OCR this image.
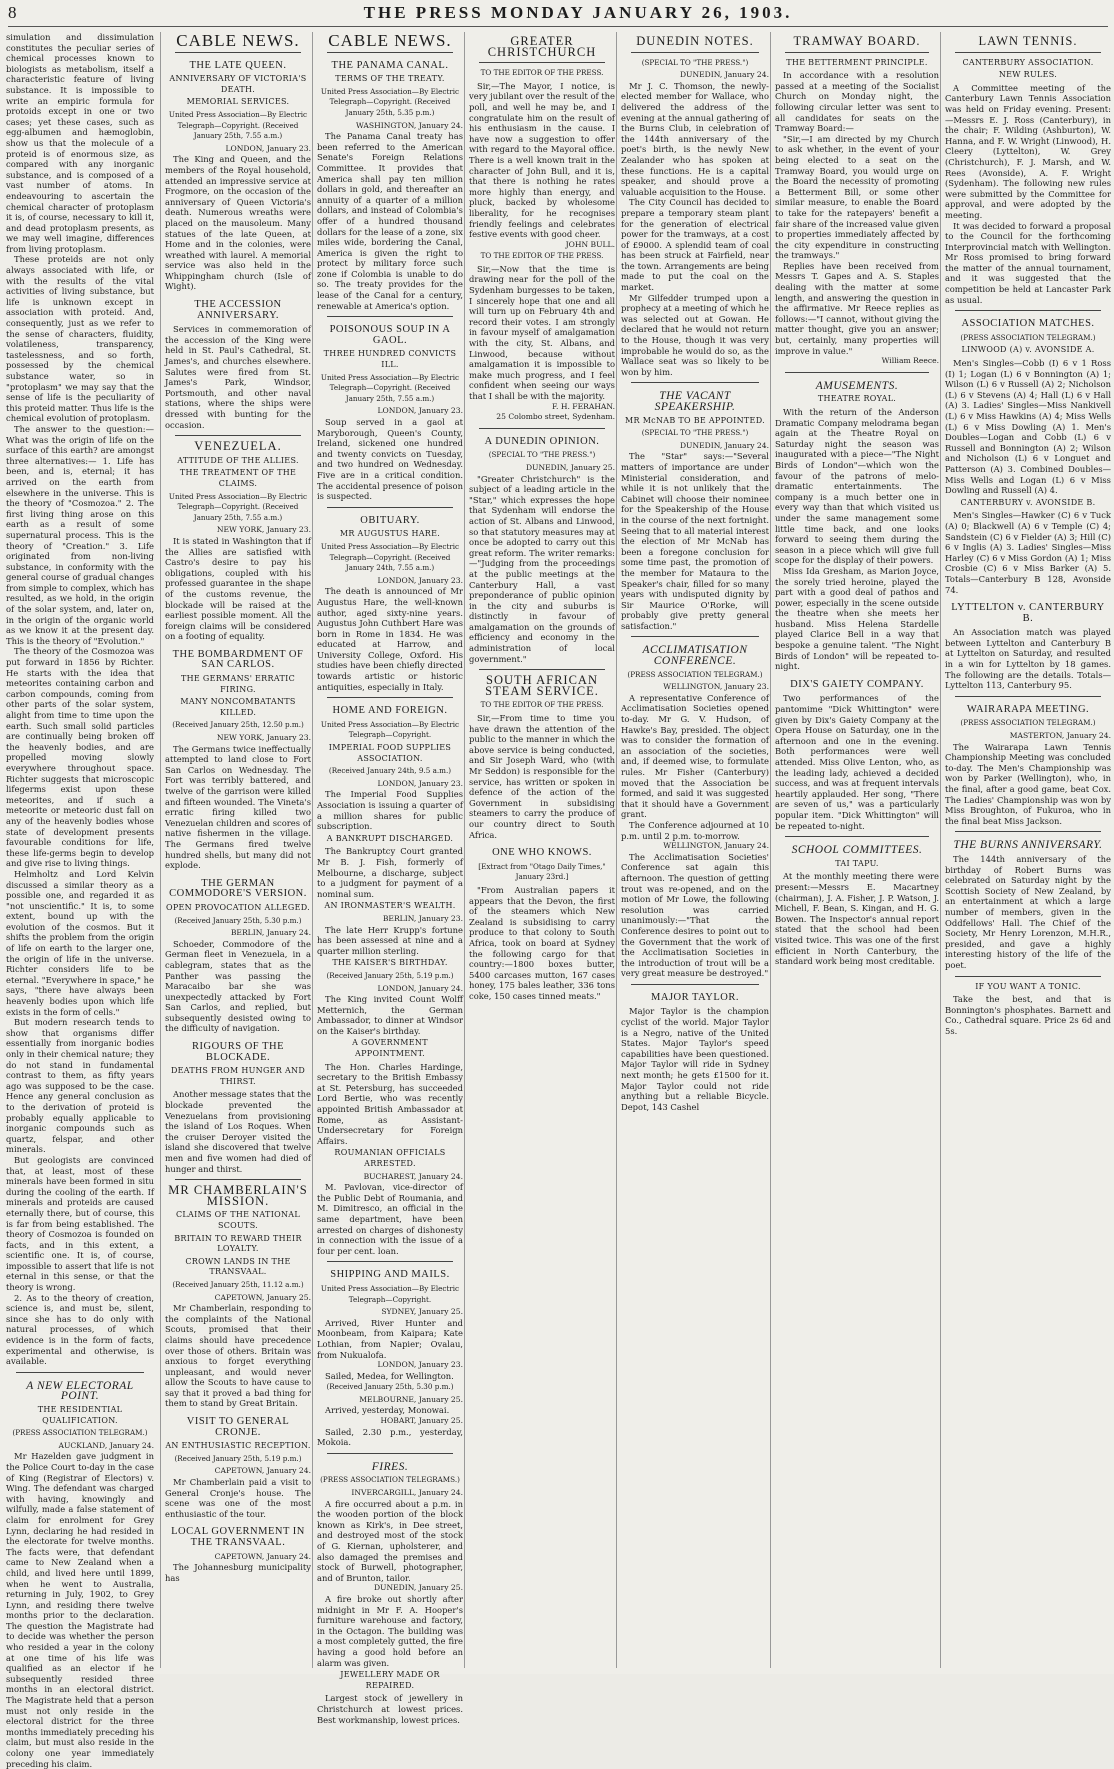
8	THE PRESS MONDAY JANUARY 26, 1903.

simulation and dissimulation constitutes the peculiar series of chemical processes known to biologists as metabolism, itself a characteristic feature of living substance. It is impossible to write an empiric formula for protoids except in one or two cases; yet these cases, such as egg-albumen and hæmoglobin, show us that the molecule of a proteid is of enormous size, as compared with any inorganic substance, and is composed of a vast number of atoms. In endeavouring to ascertain the chemical character of protoplasm it is, of course, necessary to kill it, and dead protoplasm presents, as we may well imagine, differences from living protoplasm.

These proteids are not only always associated with life, or with the results of the vital activities of living substance, but life is unknown except in association with proteid. And, consequently, just as we refer to the sense of characters, fluidity, volatileness, transparency, tastelessness, and so forth, possessed by the chemical substance water, so in "protoplasm" we may say that the sense of life is the peculiarity of this proteid matter. Thus life is the chemical evolution of protoplasm.

The answer to the question:—What was the origin of life on the surface of this earth? are amongst three alternatives:— 1. Life has been, and is, eternal; it has arrived on the earth from elsewhere in the universe. This is the theory of "Cosmozoa." 2. The first living thing arose on this earth as a result of some supernatural process. This is the theory of "Creation." 3. Life originated from non-living substance, in conformity with the general course of gradual changes from simple to complex, which has resulted, as we hold, in the origin of the solar system, and, later on, in the origin of the organic world as we know it at the present day. This is the theory of "Evolution."

The theory of the Cosmozoa was put forward in 1856 by Richter. He starts with the idea that meteorites containing carbon and carbon compounds, coming from other parts of the solar system, alight from time to time upon the earth. Such small solid particles are continually being broken off the heavenly bodies, and are propelled moving slowly everywhere throughout space. Richter suggests that microscopic lifegerms exist upon these meteorites, and if such a meteorite or meteoric dust fall on any of the heavenly bodies whose state of development presents favourable conditions for life, these life-germs begin to develop and give rise to living things.

Helmholtz and Lord Kelvin discussed a similar theory as a possible one, and regarded it as "not unscientific." It is, to some extent, bound up with the evolution of the cosmos. But it shifts the problem from the origin of life on earth to the larger one, the origin of life in the universe. Richter considers life to be eternal. "Everywhere in space," he says, "there have always been heavenly bodies upon which life exists in the form of cells."

But modern research tends to show that organisms differ essentially from inorganic bodies only in their chemical nature; they do not stand in fundamental contrast to them, as fifty years ago was supposed to be the case. Hence any general conclusion as to the derivation of proteid is probably equally applicable to inorganic compounds such as quartz, felspar, and other minerals.

But geologists are convinced that, at least, most of these minerals have been formed in situ during the cooling of the earth. If minerals and proteids are caused eternally there, but of course, this is far from being established. The theory of Cosmozoa is founded on facts, and in this extent, a scientific one. It is, of course, impossible to assert that life is not eternal in this sense, or that the theory is wrong.

2. As to the theory of creation, science is, and must be, silent, since she has to do only with natural processes, of which evidence is in the form of facts, experimental and otherwise, is available.

A NEW ELECTORAL POINT.
THE RESIDENTIAL QUALIFICATION.
(PRESS ASSOCIATION TELEGRAM.)
AUCKLAND, January 24.

Mr Hazelden gave judgment in the Police Court to-day in the case of King (Registrar of Electors) v. Wing. The defendant was charged with having, knowingly and wilfully, made a false statement of claim for enrolment for Grey Lynn, declaring he had resided in the electorate for twelve months. The facts were, that defendant came to New Zealand when a child, and lived here until 1899, when he went to Australia, returning in July, 1902, to Grey Lynn, and residing there twelve months prior to the declaration. The question the Magistrate had to decide was whether the person who resided a year in the colony at one time of his life was qualified as an elector if he subsequently resided three months in an electoral district. The Magistrate held that a person must not only reside in the electoral district for the three months immediately preceding his claim, but must also reside in the colony one year immediately preceding his claim.

CABLE NEWS.
THE LATE QUEEN.
ANNIVERSARY OF VICTORIA'S DEATH.
MEMORIAL SERVICES.
United Press Association—By Electric Telegraph—Copyright. (Received January 25th, 7.55 a.m.)
LONDON, January 23.

The King and Queen, and the members of the Royal household, attended an impressive service at Frogmore, on the occasion of the anniversary of Queen Victoria's death. Numerous wreaths were placed on the mausoleum. Many statues of the late Queen, at Home and in the colonies, were wreathed with laurel. A memorial service was also held in the Whippingham church (Isle of Wight).

THE ACCESSION ANNIVERSARY.

Services in commemoration of the accession of the King were held in St. Paul's Cathedral, St. James's, and churches elsewhere. Salutes were fired from St. James's Park, Windsor, Portsmouth, and other naval stations, where the ships were dressed with bunting for the occasion.

VENEZUELA.
ATTITUDE OF THE ALLIES.
THE TREATMENT OF THE CLAIMS.
United Press Association—By Electric Telegraph—Copyright. (Received January 25th, 7.55 a.m.)
NEW YORK, January 23.

It is stated in Washington that if the Allies are satisfied with Castro's desire to pay his obligations, coupled with his professed guarantee in the shape of the customs revenue, the blockade will be raised at the earliest possible moment. All the foreign claims will be considered on a footing of equality.

THE BOMBARDMENT OF SAN CARLOS.
THE GERMANS' ERRATIC FIRING.
MANY NONCOMBATANTS KILLED.
(Received January 25th, 12.50 p.m.)
NEW YORK, January 23.

The Germans twice ineffectually attempted to land close to Fort San Carlos on Wednesday. The Fort was terribly battered, and twelve of the garrison were killed and fifteen wounded. The Vineta's erratic firing killed two Venezuelan children and scores of native fishermen in the village. The Germans fired twelve hundred shells, but many did not explode.

THE GERMAN COMMODORE'S VERSION.
OPEN PROVOCATION ALLEGED.
(Received January 25th, 5.30 p.m.)
BERLIN, January 24.

Schoeder, Commodore of the German fleet in Venezuela, in a cablegram, states that as the Panther was passing the Maracaibo bar she was unexpectedly attacked by Fort San Carlos, and replied, but subsequently desisted owing to the difficulty of navigation.

RIGOURS OF THE BLOCKADE.
DEATHS FROM HUNGER AND THIRST.

Another message states that the blockade prevented the Venezuelans from provisioning the island of Los Roques. When the cruiser Deroyer visited the island she discovered that twelve men and five women had died of hunger and thirst.

MR CHAMBERLAIN'S MISSION.
CLAIMS OF THE NATIONAL SCOUTS.
BRITAIN TO REWARD THEIR LOYALTY.
CROWN LANDS IN THE TRANSVAAL.
(Received January 25th, 11.12 a.m.)
CAPETOWN, January 25.

Mr Chamberlain, responding to the complaints of the National Scouts, promised that their claims should have precedence over those of others. Britain was anxious to forget everything unpleasant, and would never allow the Scouts to have cause to say that it proved a bad thing for them to stand by Great Britain.

VISIT TO GENERAL CRONJE.
AN ENTHUSIASTIC RECEPTION.
(Received January 25th, 5.19 p.m.)
CAPETOWN, January 24.

Mr Chamberlain paid a visit to General Cronje's house. The scene was one of the most enthusiastic of the tour.

LOCAL GOVERNMENT IN THE TRANSVAAL.
CAPETOWN, January 24.

The Johannesburg municipality has

CABLE NEWS.
THE PANAMA CANAL.
TERMS OF THE TREATY.
United Press Association—By Electric Telegraph—Copyright. (Received January 25th, 5.35 p.m.)
WASHINGTON, January 24.

The Panama Canal treaty has been referred to the American Senate's Foreign Relations Committee. It provides that America shall pay ten million dollars in gold, and thereafter an annuity of a quarter of a million dollars, and instead of Colombia's offer of a hundred thousand dollars for the lease of a zone, six miles wide, bordering the Canal, America is given the right to protect by military force such zone if Colombia is unable to do so. The treaty provides for the lease of the Canal for a century, renewable at America's option.

POISONOUS SOUP IN A GAOL.
THREE HUNDRED CONVICTS ILL.
United Press Association—By Electric Telegraph—Copyright. (Received January 25th, 7.55 a.m.)
LONDON, January 23.

Soup served in a gaol at Maryborough, Queen's County, Ireland, sickened one hundred and twenty convicts on Tuesday, and two hundred on Wednesday. Five are in a critical condition. The accidental presence of poison is suspected.

OBITUARY.
MR AUGUSTUS HARE.
United Press Association—By Electric Telegraph—Copyright. (Received January 24th, 7.55 a.m.)
LONDON, January 23.

The death is announced of Mr Augustus Hare, the well-known author, aged sixty-nine years. Augustus John Cuthbert Hare was born in Rome in 1834. He was educated at Harrow, and University College, Oxford. His studies have been chiefly directed towards artistic or historic antiquities, especially in Italy.

HOME AND FOREIGN.
United Press Association—By Electric Telegraph—Copyright.
IMPERIAL FOOD SUPPLIES ASSOCIATION.
(Received January 24th, 9.5 a.m.)
LONDON, January 23.

The Imperial Food Supplies Association is issuing a quarter of a million shares for public subscription.

A BANKRUPT DISCHARGED.

The Bankruptcy Court granted Mr B. J. Fish, formerly of Melbourne, a discharge, subject to a judgment for payment of a nominal sum.

AN IRONMASTER'S WEALTH.
BERLIN, January 23.

The late Herr Krupp's fortune has been assessed at nine and a quarter million sterling.

THE KAISER'S BIRTHDAY.
(Received January 25th, 5.19 p.m.)
LONDON, January 24.

The King invited Count Wolff Metternich, the German Ambassador, to dinner at Windsor on the Kaiser's birthday.

A GOVERNMENT APPOINTMENT.

The Hon. Charles Hardinge, secretary to the British Embassy at St. Petersburg, has succeeded Lord Bertie, who was recently appointed British Ambassador at Rome, as Assistant-Undersecretary for Foreign Affairs.

ROUMANIAN OFFICIALS ARRESTED.
BUCHAREST, January 24.

M. Pavlovan, vice-director of the Public Debt of Roumania, and M. Dimitresco, an official in the same department, have been arrested on charges of dishonesty in connection with the issue of a four per cent. loan.

SHIPPING AND MAILS.
United Press Association—By Electric Telegraph—Copyright.
SYDNEY, January 25.

Arrived, River Hunter and Moonbeam, from Kaipara; Kate Lothian, from Napier; Ovalau, from Nukualofa.

LONDON, January 23.

Sailed, Medea, for Wellington.

(Received January 25th, 5.30 p.m.)
MELBOURNE, January 25.

Arrived, yesterday, Monowai.

HOBART, January 25.

Sailed, 2.30 p.m., yesterday, Mokoia.

FIRES.
(PRESS ASSOCIATION TELEGRAMS.)
INVERCARGILL, January 24.

A fire occurred about a p.m. in the wooden portion of the block known as Kirk's, in Dee street, and destroyed most of the stock of G. Kiernan, upholsterer, and also damaged the premises and stock of Burwell, photographer, and of Brunton, tailor.

DUNEDIN, January 25.

A fire broke out shortly after midnight in Mr F. A. Hooper's furniture warehouse and factory, in the Octagon. The building was a most completely gutted, the fire having a good hold before an alarm was given.

JEWELLERY MADE OR REPAIRED.

Largest stock of jewellery in Christchurch at lowest prices. Best workmanship, lowest prices.

GREATER CHRISTCHURCH
TO THE EDITOR OF THE PRESS.

Sir,—The Mayor, I notice, is very jubilant over the result of the poll, and well he may be, and I congratulate him on the result of his enthusiasm in the cause. I have now a suggestion to offer with regard to the Mayoral office. There is a well known trait in the character of John Bull, and it is, that there is nothing he rates more highly than energy, and pluck, backed by wholesome liberality, for he recognises friendly feelings and celebrates festive events with good cheer.

JOHN BULL.
TO THE EDITOR OF THE PRESS.

Sir,—Now that the time is drawing near for the poll of the Sydenham burgesses to be taken, I sincerely hope that one and all will turn up on February 4th and record their votes. I am strongly in favour myself of amalgamation with the city, St. Albans, and Linwood, because without amalgamation it is impossible to make much progress, and I feel confident when seeing our ways that I shall be with the majority.

F. H. FERAHAN.
25 Colombo street, Sydenham.
A DUNEDIN OPINION.
(SPECIAL TO "THE PRESS.")
DUNEDIN, January 25.

"Greater Christchurch" is the subject of a leading article in the "Star," which expresses the hope that Sydenham will endorse the action of St. Albans and Linwood, so that statutory measures may at once be adopted to carry out this great reform. The writer remarks:—"Judging from the proceedings at the public meetings at the Canterbury Hall, a vast preponderance of public opinion in the city and suburbs is distinctly in favour of amalgamation on the grounds of efficiency and economy in the administration of local government."

SOUTH AFRICAN STEAM SERVICE.
TO THE EDITOR OF THE PRESS.

Sir,—From time to time you have drawn the attention of the public to the manner in which the above service is being conducted, and Sir Joseph Ward, who (with Mr Seddon) is responsible for the service, has written or spoken in defence of the action of the Government in subsidising steamers to carry the produce of our country direct to South Africa.

ONE WHO KNOWS.
[Extract from "Otago Daily Times," January 23rd.]

"From Australian papers it appears that the Devon, the first of the steamers which New Zealand is subsidising to carry produce to that colony to South Africa, took on board at Sydney the following cargo for that country:—1800 boxes butter, 5400 carcases mutton, 167 cases honey, 175 bales leather, 336 tons coke, 150 cases tinned meats."

DUNEDIN NOTES.
(SPECIAL TO "THE PRESS.")
DUNEDIN, January 24.

Mr J. C. Thomson, the newly-elected member for Wallace, who delivered the address of the evening at the annual gathering of the Burns Club, in celebration of the 144th anniversary of the poet's birth, is the newly New Zealander who has spoken at these functions. He is a capital speaker, and should prove a valuable acquisition to the House.

The City Council has decided to prepare a temporary steam plant for the generation of electrical power for the tramways, at a cost of £9000. A splendid team of coal has been struck at Fairfield, near the town. Arrangements are being made to put the coal on the market.

Mr Gilfedder trumped upon a prophecy at a meeting of which he was selected out at Gowan. He declared that he would not return to the House, though it was very improbable he would do so, as the Wallace seat was so likely to be won by him.

THE VACANT SPEAKERSHIP.
MR McNAB TO BE APPOINTED.
(SPECIAL TO "THE PRESS.")
DUNEDIN, January 24.

The "Star" says:—"Several matters of importance are under Ministerial consideration, and while it is not unlikely that the Cabinet will choose their nominee for the Speakership of the House in the course of the next fortnight. Seeing that to all material interest the election of Mr McNab has been a foregone conclusion for some time past, the promotion of the member for Mataura to the Speaker's chair, filled for so many years with undisputed dignity by Sir Maurice O'Rorke, will probably give pretty general satisfaction."

ACCLIMATISATION CONFERENCE.
(PRESS ASSOCIATION TELEGRAM.)
WELLINGTON, January 23.

A representative Conference of Acclimatisation Societies opened to-day. Mr G. V. Hudson, of Hawke's Bay, presided. The object was to consider the formation of an association of the societies, and, if deemed wise, to formulate rules. Mr Fisher (Canterbury) moved that the Association be formed, and said it was suggested that it should have a Government grant.

The Conference adjourned at 10 p.m. until 2 p.m. to-morrow.

WELLINGTON, January 24.

The Acclimatisation Societies' Conference sat again this afternoon. The question of getting trout was re-opened, and on the motion of Mr Lowe, the following resolution was carried unanimously:—"That the Conference desires to point out to the Government that the work of the Acclimatisation Societies in the introduction of trout will be a very great measure be destroyed."

MAJOR TAYLOR.

Major Taylor is the champion cyclist of the world. Major Taylor is a Negro, native of the United States. Major Taylor's speed capabilities have been questioned. Major Taylor will ride in Sydney next month; he gets £1500 for it. Major Taylor could not ride anything but a reliable Bicycle. Depot, 143 Cashel

TRAMWAY BOARD.
THE BETTERMENT PRINCIPLE.

In accordance with a resolution passed at a meeting of the Socialist Church on Monday night, the following circular letter was sent to all candidates for seats on the Tramway Board:—

"Sir,—I am directed by my Church to ask whether, in the event of your being elected to a seat on the Tramway Board, you would urge on the Board the necessity of promoting a Betterment Bill, or some other similar measure, to enable the Board to take for the ratepayers' benefit a fair share of the increased value given to properties immediately affected by the city expenditure in constructing the tramways."

Replies have been received from Messrs T. Gapes and A. S. Staples dealing with the matter at some length, and answering the question in the affirmative. Mr Reece replies as follows:—"I cannot, without giving the matter thought, give you an answer; but, certainly, many properties will improve in value."

William Reece.
AMUSEMENTS.
THEATRE ROYAL.

With the return of the Anderson Dramatic Company melodrama began again at the Theatre Royal on Saturday night the season was inaugurated with a piece—"The Night Birds of London"—which won the favour of the patrons of melo-dramatic entertainments. The company is a much better one in every way than that which visited us under the same management some little time back, and one looks forward to seeing them during the season in a piece which will give full scope for the display of their powers.

Miss Ida Gresham, as Marion Joyce, the sorely tried heroine, played the part with a good deal of pathos and power, especially in the scene outside the theatre when she meets her husband. Miss Helena Stardelle played Clarice Bell in a way that bespoke a genuine talent. "The Night Birds of London" will be repeated to-night.

DIX'S GAIETY COMPANY.

Two performances of the pantomime "Dick Whittington" were given by Dix's Gaiety Company at the Opera House on Saturday, one in the afternoon and one in the evening. Both performances were well attended. Miss Olive Lenton, who, as the leading lady, achieved a decided success, and was at frequent intervals heartily applauded. Her song, "There are seven of us," was a particularly popular item. "Dick Whittington" will be repeated to-night.

SCHOOL COMMITTEES.
TAI TAPU.

At the monthly meeting there were present:—Messrs E. Macartney (chairman), J. A. Fisher, J. P. Watson, J. Michell, F. Bean, S. Kingan, and H. G. Bowen. The Inspector's annual report stated that the school had been visited twice. This was one of the first efficient in North Canterbury, the standard work being most creditable.

LAWN TENNIS.
CANTERBURY ASSOCIATION.
NEW RULES.

A Committee meeting of the Canterbury Lawn Tennis Association was held on Friday evening. Present:—Messrs E. J. Ross (Canterbury), in the chair; F. Wilding (Ashburton), W. Hanna, and F. W. Wright (Linwood), H. Cleery (Lyttelton), W. Grey (Christchurch), F. J. Marsh, and W. Rees (Avonside), A. F. Wright (Sydenham). The following new rules were submitted by the Committee for approval, and were adopted by the meeting.

It was decided to forward a proposal to the Council for the forthcoming Interprovincial match with Wellington. Mr Ross promised to bring forward the matter of the annual tournament, and it was suggested that the competition be held at Lancaster Park as usual.

ASSOCIATION MATCHES.
(PRESS ASSOCIATION TELEGRAM.)
LINWOOD (A) v. AVONSIDE A.

Men's Singles—Cobb (I) 6 v 1 Ross (I) 1; Logan (L) 6 v Bonnington (A) 1; Wilson (L) 6 v Russell (A) 2; Nicholson (L) 6 v Stevens (A) 4; Hall (L) 6 v Hall (A) 3. Ladies' Singles—Miss Nankivell (L) 6 v Miss Hawkins (A) 4; Miss Wells (L) 6 v Miss Dowling (A) 1. Men's Doubles—Logan and Cobb (L) 6 v Russell and Bonnington (A) 2; Wilson and Nicholson (L) 6 v Longuet and Patterson (A) 3. Combined Doubles—Miss Wells and Logan (L) 6 v Miss Dowling and Russell (A) 4.

CANTERBURY v. AVONSIDE B.

Men's Singles—Hawker (C) 6 v Tuck (A) 0; Blackwell (A) 6 v Temple (C) 4; Sandstein (C) 6 v Fielder (A) 3; Hill (C) 6 v Inglis (A) 3. Ladies' Singles—Miss Harley (C) 6 v Miss Gordon (A) 1; Miss Crosbie (C) 6 v Miss Barker (A) 5. Totals—Canterbury B 128, Avonside 74.

LYTTELTON v. CANTERBURY B.

An Association match was played between Lyttelton and Canterbury B at Lyttelton on Saturday, and resulted in a win for Lyttelton by 18 games. The following are the details. Totals—Lyttelton 113, Canterbury 95.

WAIRARAPA MEETING.
(PRESS ASSOCIATION TELEGRAM.)
MASTERTON, January 24.

The Wairarapa Lawn Tennis Championship Meeting was concluded to-day. The Men's Championship was won by Parker (Wellington), who, in the final, after a good game, beat Cox. The Ladies' Championship was won by Miss Broughton, of Fukuroa, who in the final beat Miss Jackson.

THE BURNS ANNIVERSARY.

The 144th anniversary of the birthday of Robert Burns was celebrated on Saturday night by the Scottish Society of New Zealand, by an entertainment at which a large number of members, given in the Oddfellows' Hall. The Chief of the Society, Mr Henry Lorenzon, M.H.R., presided, and gave a highly interesting history of the life of the poet.

IF YOU WANT A TONIC.

Take the best, and that is Bonnington's phosphates. Barnett and Co., Cathedral square. Price 2s 6d and 5s.
